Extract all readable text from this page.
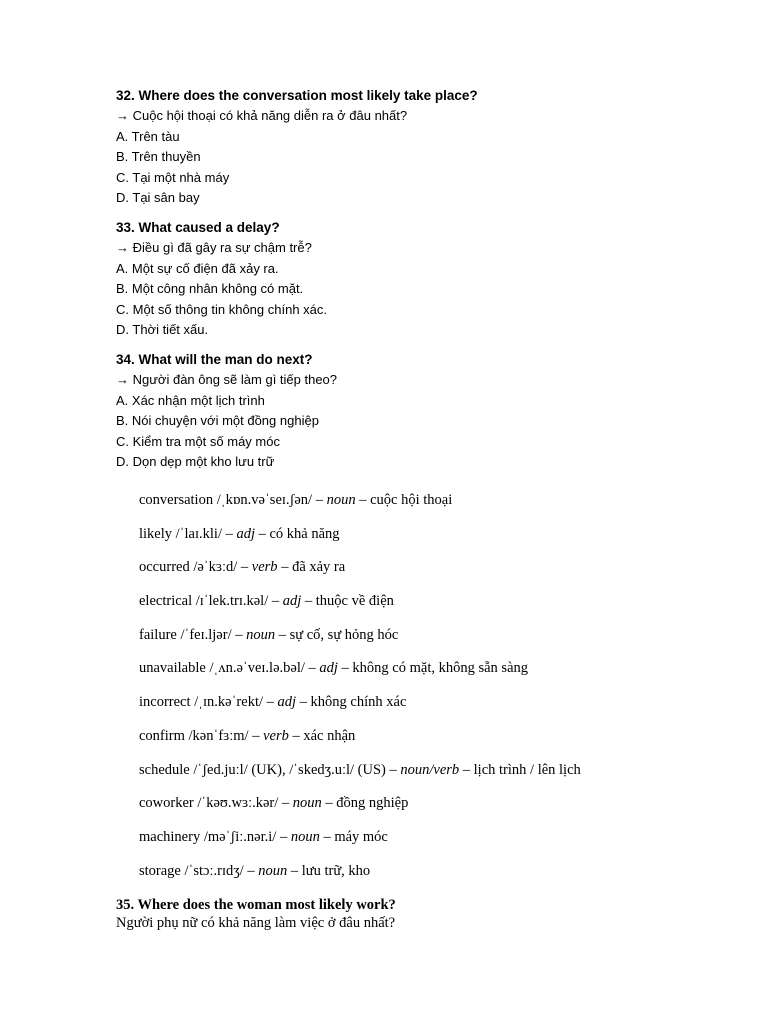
32. Where does the conversation most likely take place?

→ Cuộc hội thoại có khả năng diễn ra ở đâu nhất?

A. Trên tàu

B. Trên thuyền

C. Tại một nhà máy

D. Tại sân bay

33. What caused a delay?

→ Điều gì đã gây ra sự chậm trễ?

A. Một sự cố điện đã xảy ra.

B. Một công nhân không có mặt.

C. Một số thông tin không chính xác.

D. Thời tiết xấu.

34. What will the man do next?

→ Người đàn ông sẽ làm gì tiếp theo?

A. Xác nhận một lịch trình

B. Nói chuyện với một đồng nghiệp

C. Kiểm tra một số máy móc

D. Dọn dẹp một kho lưu trữ

conversation /ˌkɒn.vəˈseɪ.ʃən/ – noun – cuộc hội thoại
likely /ˈlaɪ.kli/ – adj – có khả năng
occurred /əˈkɜːd/ – verb – đã xảy ra
electrical /ɪˈlek.trɪ.kəl/ – adj – thuộc về điện
failure /ˈfeɪ.ljər/ – noun – sự cố, sự hỏng hóc
unavailable /ˌʌn.əˈveɪ.lə.bəl/ – adj – không có mặt, không sẵn sàng
incorrect /ˌɪn.kəˈrekt/ – adj – không chính xác
confirm /kənˈfɜːm/ – verb – xác nhận
schedule /ˈʃed.juːl/ (UK), /ˈskedʒ.uːl/ (US) – noun/verb – lịch trình / lên lịch
coworker /ˈkəʊ.wɜː.kər/ – noun – đồng nghiệp
machinery /məˈʃiː.nər.i/ – noun – máy móc
storage /ˈstɔː.rɪdʒ/ – noun – lưu trữ, kho

35. Where does the woman most likely work?

Người phụ nữ có khả năng làm việc ở đâu nhất?
